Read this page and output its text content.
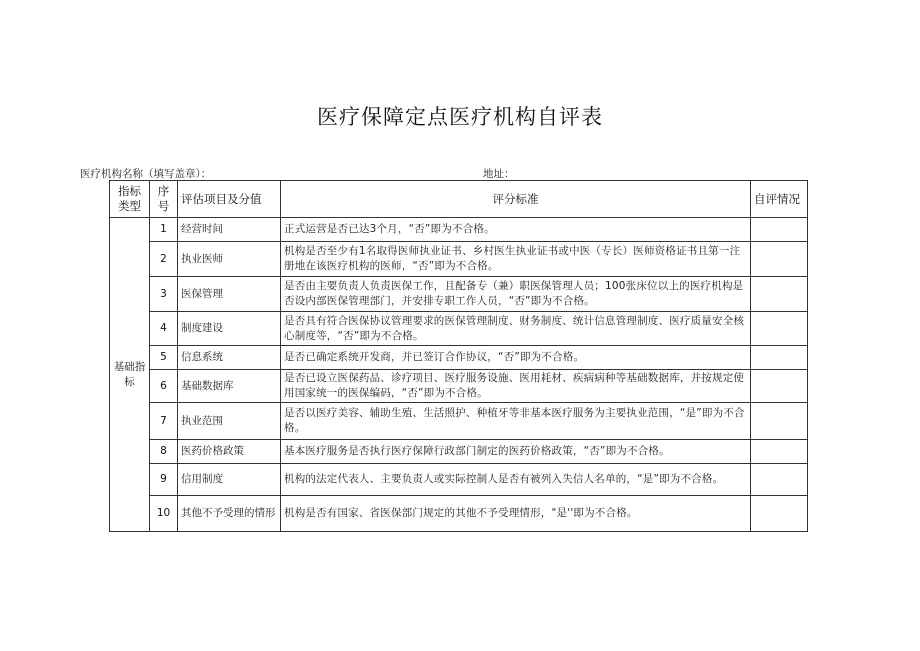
医疗保障定点医疗机构自评表
医疗机构名称（填写盖章）：	地址：
指标类型	序号	评估项目及分值	评分标准	自评情况
基础指标	1	经营时间	正式运营是否已达3个月，“否”即为不合格。	
	2	执业医师	机构是否至少有1名取得医师执业证书、乡村医生执业证书或中医（专长）医师资格证书且第一注册地在该医疗机构的医师，“否”即为不合格。	
	3	医保管理	是否由主要负责人负责医保工作，且配备专（兼）职医保管理人员；100张床位以上的医疗机构是否设内部医保管理部门，并安排专职工作人员，“否”即为不合格。	
	4	制度建设	是否具有符合医保协议管理要求的医保管理制度、财务制度、统计信息管理制度、医疗质量安全核心制度等，“否”即为不合格。	
	5	信息系统	是否已确定系统开发商，并已签订合作协议，“否”即为不合格。	
	6	基础数据库	是否已设立医保药品、诊疗项目、医疗服务设施、医用耗材、疾病病种等基础数据库，并按规定使用国家统一的医保编码，“否”即为不合格。	
	7	执业范围	是否以医疗美容、辅助生殖、生活照护、种植牙等非基本医疗服务为主要执业范围，“是”即为不合格。	
	8	医药价格政策	基本医疗服务是否执行医疗保障行政部门制定的医药价格政策，“否”即为不合格。	
	9	信用制度	机构的法定代表人、主要负责人或实际控制人是否有被列入失信人名单的，“是”即为不合格。	
	10	其他不予受理的情形	机构是否有国家、省医保部门规定的其他不予受理情形，"是''即为不合格。	
